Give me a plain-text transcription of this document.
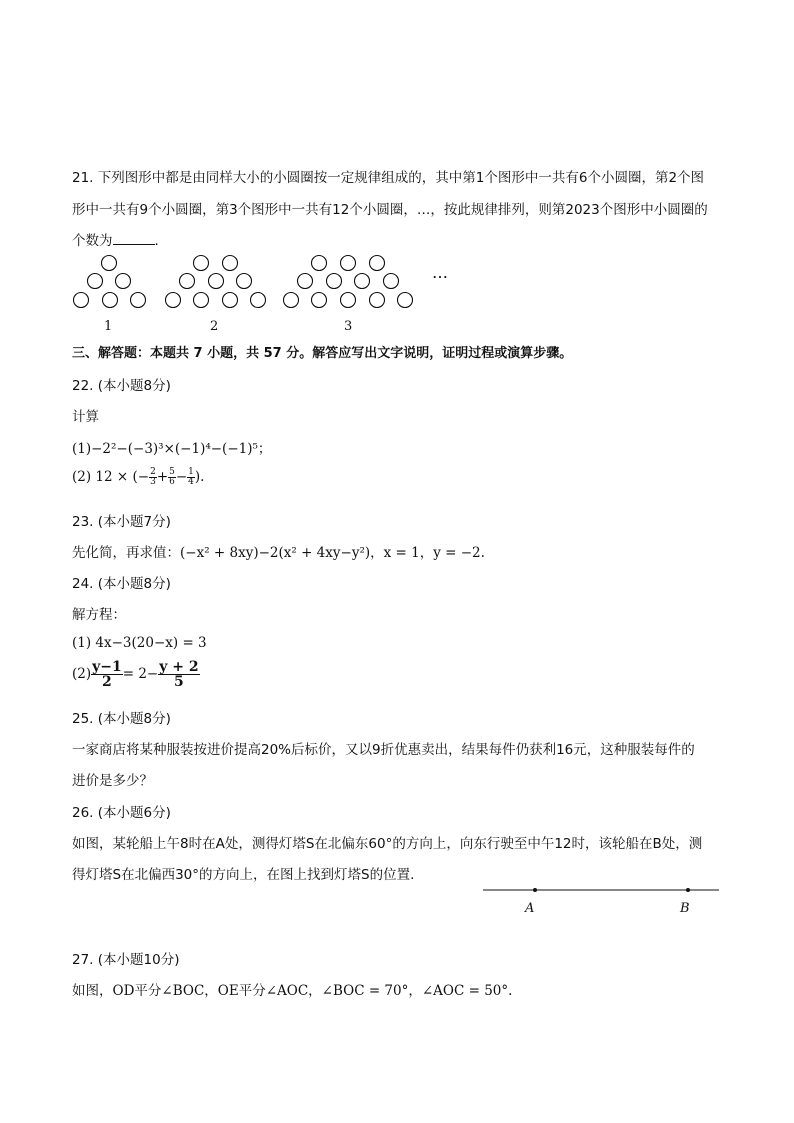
21. 下列图形中都是由同样大小的小圆圈按一定规律组成的，其中第1个图形中一共有6个小圆圈，第2个图
形中一共有9个小圆圈，第3个图形中一共有12个小圆圈，…，按此规律排列，则第2023个图形中小圆圈的
个数为	.
…
1	2	3
A	B
三、解答题：本题共 7 小题，共 57 分。解答应写出文字说明，证明过程或演算步骤。
22. (本小题8分)
计算
(1)−2²−(−3)³×(−1)⁴−(−1)⁵；
(2) 12 × (− $\frac{2}{3} + \frac{5}{6} - \frac{1}{4}$ ).
23. (本小题7分)
先化简，再求值：(−x² + 8xy)−2(x² + 4xy−y²)，x = 1，y = −2.
24. (本小题8分)
解方程：
(1) 4x−3(20−x) = 3
$(2) \frac{y-1}{2} = 2- \frac{y + 2}{5}$
25. (本小题8分)
一家商店将某种服装按进价提高20%后标价，又以9折优惠卖出，结果每件仍获利16元，这种服装每件的
进价是多少？
26. (本小题6分)
如图，某轮船上午8时在A处，测得灯塔S在北偏东60°的方向上，向东行驶至中午12时，该轮船在B处，测
得灯塔S在北偏西30°的方向上，在图上找到灯塔S的位置.
27. (本小题10分)
如图，OD平分∠BOC，OE平分∠AOC，∠BOC = 70°，∠AOC = 50°.
